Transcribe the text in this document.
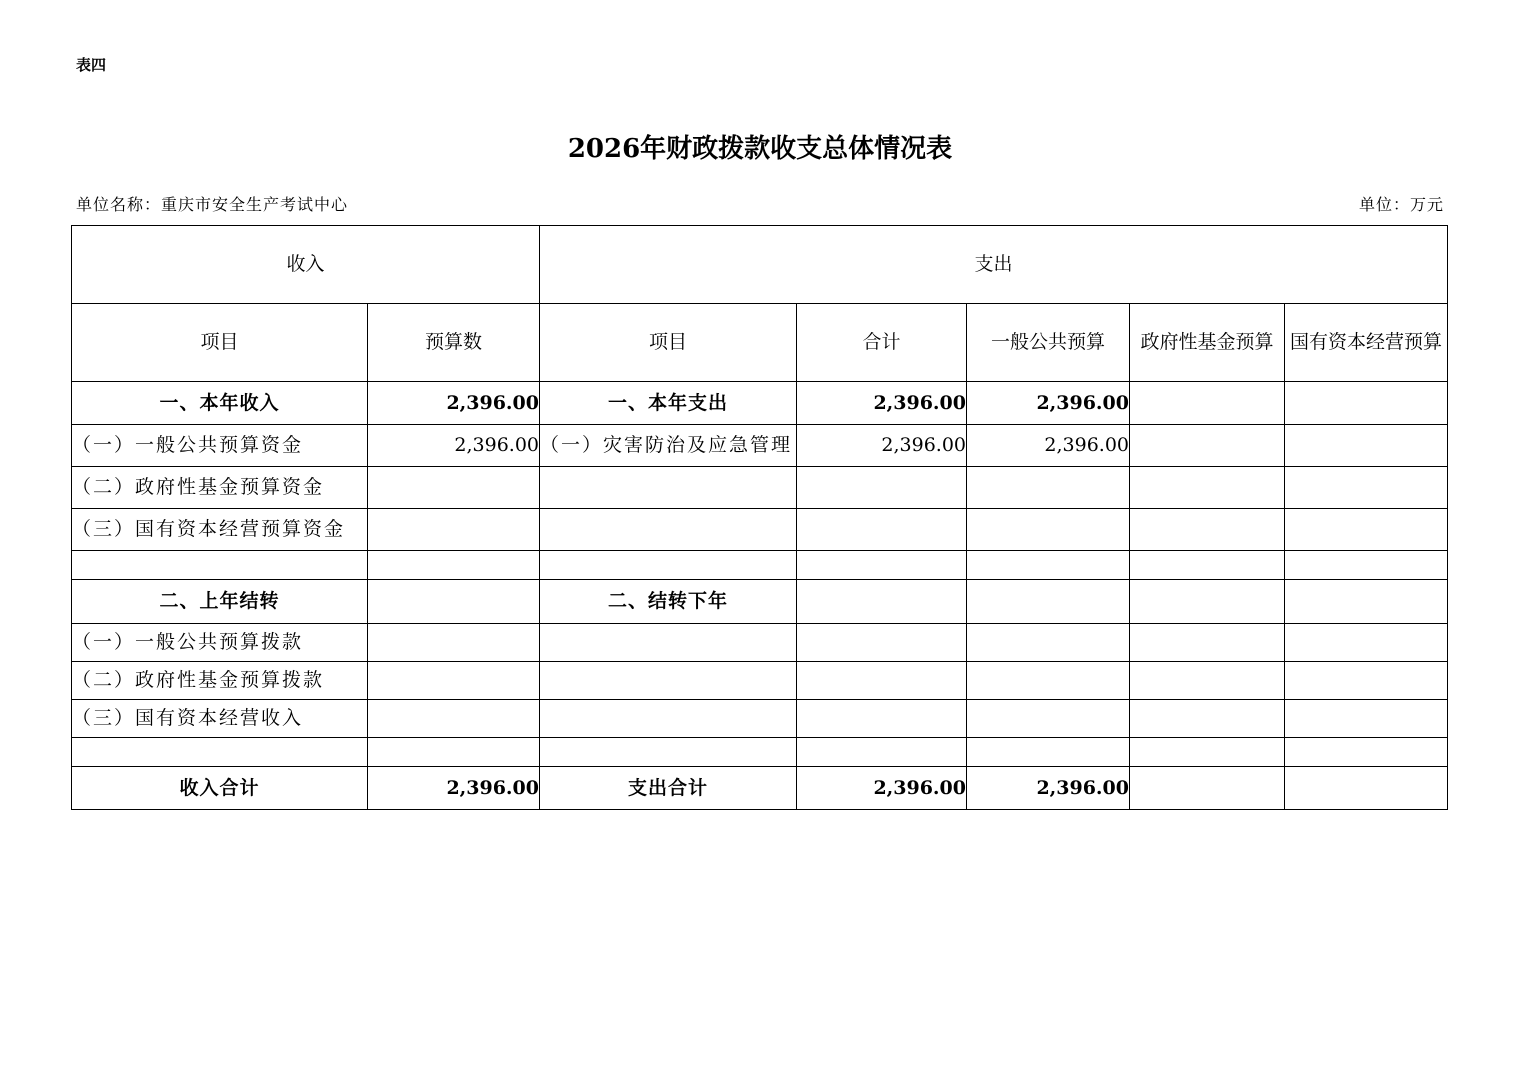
表四
2026年财政拨款收支总体情况表
单位名称：重庆市安全生产考试中心	单位：万元
收入		支出				
项目	预算数	项目	合计	一般公共预算	政府性基金预算	国有资本经营预算
一、本年收入	2,396.00	一、本年支出	2,396.00	2,396.00		
（一）一般公共预算资金	2,396.00	（一）灾害防治及应急管理	2,396.00	2,396.00		
（二）政府性基金预算资金						
（三）国有资本经营预算资金						

二、上年结转		二、结转下年				
（一）一般公共预算拨款						
（二）政府性基金预算拨款						
（三）国有资本经营收入						

收入合计	2,396.00	支出合计	2,396.00	2,396.00		
